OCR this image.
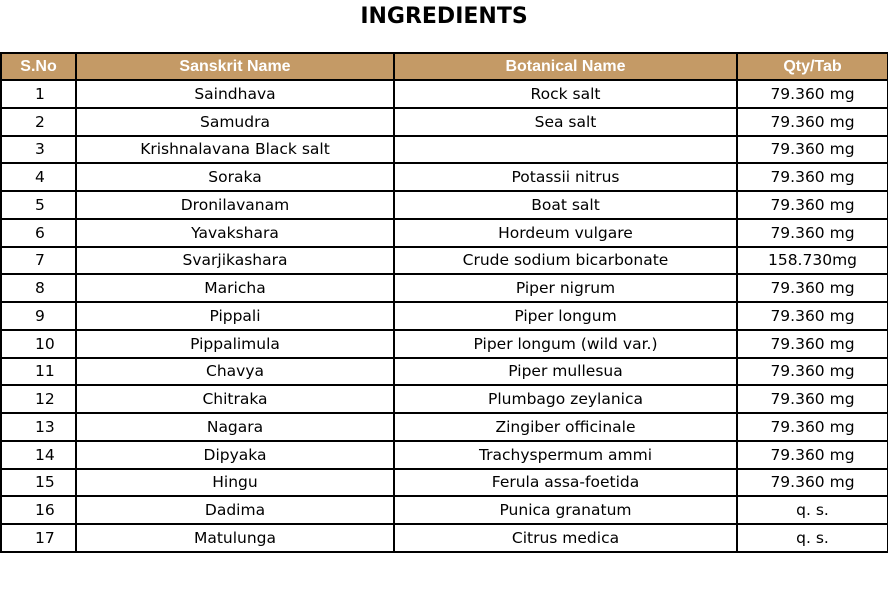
INGREDIENTS
S.No	Sanskrit Name	Botanical Name	Qty/Tab
1	Saindhava	Rock salt	79.360 mg
2	Samudra	Sea salt	79.360 mg
3	Krishnalavana Black salt		79.360 mg
4	Soraka	Potassii nitrus	79.360 mg
5	Dronilavanam	Boat salt	79.360 mg
6	Yavakshara	Hordeum vulgare	79.360 mg
7	Svarjikashara	Crude sodium bicarbonate	158.730mg
8	Maricha	Piper nigrum	79.360 mg
9	Pippali	Piper longum	79.360 mg
10	Pippalimula	Piper longum (wild var.)	79.360 mg
11	Chavya	Piper mullesua	79.360 mg
12	Chitraka	Plumbago zeylanica	79.360 mg
13	Nagara	Zingiber officinale	79.360 mg
14	Dipyaka	Trachyspermum ammi	79.360 mg
15	Hingu	Ferula assa-foetida	79.360 mg
16	Dadima	Punica granatum	q. s.
17	Matulunga	Citrus medica	q. s.
